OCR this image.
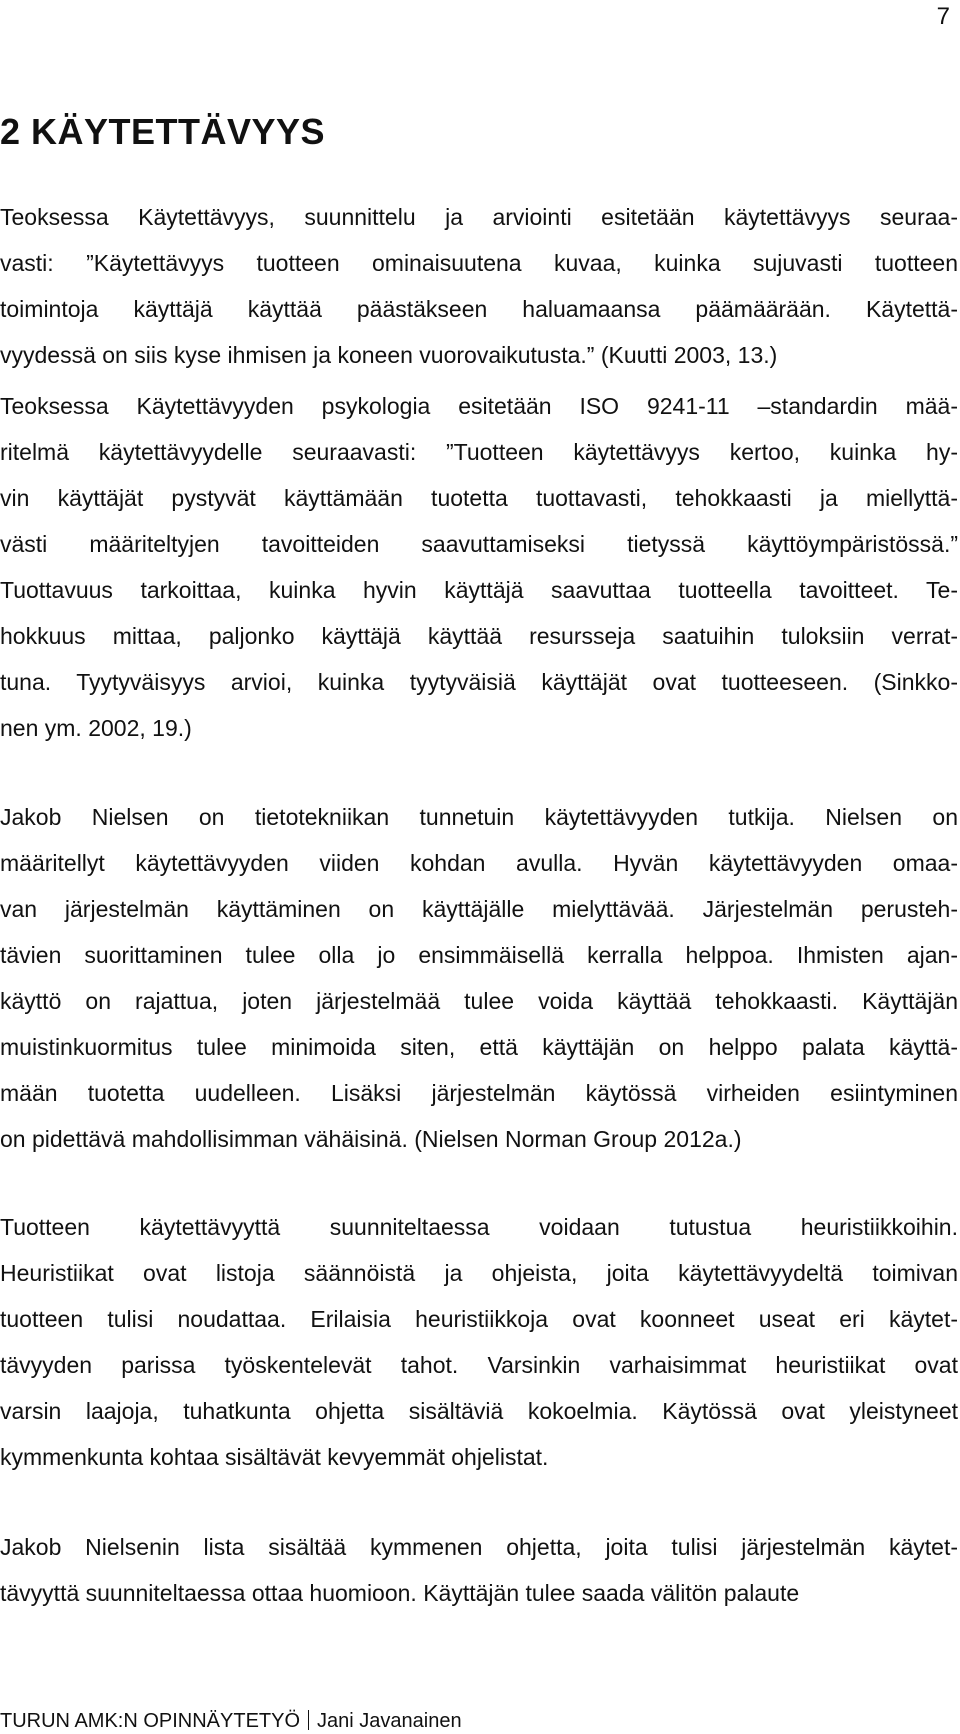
7
2 KÄYTETTÄVYYS

Teoksessa Käytettävyys, suunnittelu ja arviointi esitetään käytettävyys seuraa-
vasti: ”Käytettävyys tuotteen ominaisuutena kuvaa, kuinka sujuvasti tuotteen
toimintoja käyttäjä käyttää päästäkseen haluamaansa päämäärään. Käytettä-
vyydessä on siis kyse ihmisen ja koneen vuorovaikutusta.” (Kuutti 2003, 13.)

Teoksessa Käytettävyyden psykologia esitetään ISO 9241-11 –standardin mää-
ritelmä käytettävyydelle seuraavasti: ”Tuotteen käytettävyys kertoo, kuinka hy-
vin käyttäjät pystyvät käyttämään tuotetta tuottavasti, tehokkaasti ja miellyttä-
västi määriteltyjen tavoitteiden saavuttamiseksi tietyssä käyttöympäristössä.”
Tuottavuus tarkoittaa, kuinka hyvin käyttäjä saavuttaa tuotteella tavoitteet. Te-
hokkuus mittaa, paljonko käyttäjä käyttää resursseja saatuihin tuloksiin verrat-
tuna. Tyytyväisyys arvioi, kuinka tyytyväisiä käyttäjät ovat tuotteeseen. (Sinkko-
nen ym. 2002, 19.)

Jakob Nielsen on tietotekniikan tunnetuin käytettävyyden tutkija. Nielsen on
määritellyt käytettävyyden viiden kohdan avulla. Hyvän käytettävyyden omaa-
van järjestelmän käyttäminen on käyttäjälle mielyttävää. Järjestelmän perusteh-
tävien suorittaminen tulee olla jo ensimmäisellä kerralla helppoa. Ihmisten ajan-
käyttö on rajattua, joten järjestelmää tulee voida käyttää tehokkaasti. Käyttäjän
muistinkuormitus tulee minimoida siten, että käyttäjän on helppo palata käyttä-
mään tuotetta uudelleen. Lisäksi järjestelmän käytössä virheiden esiintyminen
on pidettävä mahdollisimman vähäisinä. (Nielsen Norman Group 2012a.)

Tuotteen käytettävyyttä suunniteltaessa voidaan tutustua heuristiikkoihin.
Heuristiikat ovat listoja säännöistä ja ohjeista, joita käytettävyydeltä toimivan
tuotteen tulisi noudattaa. Erilaisia heuristiikkoja ovat koonneet useat eri käytet-
tävyyden parissa työskentelevät tahot. Varsinkin varhaisimmat heuristiikat ovat
varsin laajoja, tuhatkunta ohjetta sisältäviä kokoelmia. Käytössä ovat yleistyneet
kymmenkunta kohtaa sisältävät kevyemmät ohjelistat.

Jakob Nielsenin lista sisältää kymmenen ohjetta, joita tulisi järjestelmän käytet-
tävyyttä suunniteltaessa ottaa huomioon. Käyttäjän tulee saada välitön palaute

TURUN AMK:N OPINNÄYTETYÖ Jani Javanainen
